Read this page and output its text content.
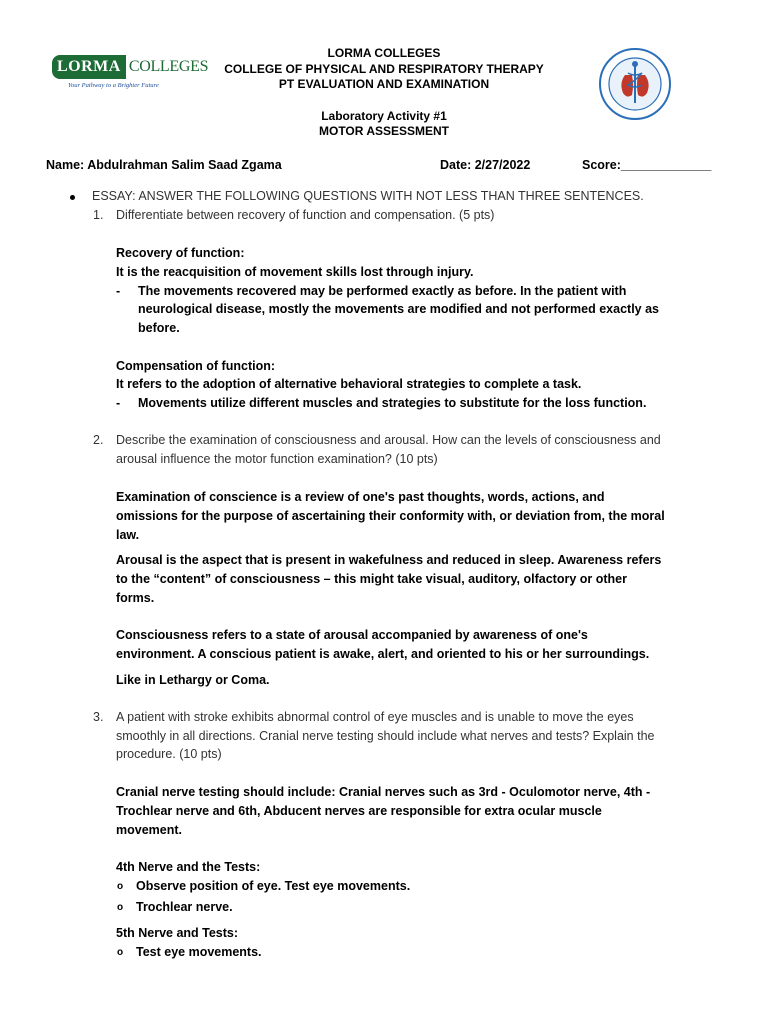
LORMA COLLEGES
Your Pathway to a Brighter Future
LORMA COLLEGES
COLLEGE OF PHYSICAL AND RESPIRATORY THERAPY
PT EVALUATION AND EXAMINATION
Laboratory Activity #1
MOTOR ASSESSMENT
Name: Abdulrahman Salim Saad Zgama	Date: 2/27/2022	Score:_____________
ESSAY: ANSWER THE FOLLOWING QUESTIONS WITH NOT LESS THAN THREE SENTENCES.
1. Differentiate between recovery of function and compensation. (5 pts)
Recovery of function:
It is the reacquisition of movement skills lost through injury.
- The movements recovered may be performed exactly as before. In the patient with
neurological disease, mostly the movements are modified and not performed exactly as
before.
Compensation of function:
It refers to the adoption of alternative behavioral strategies to complete a task.
- Movements utilize different muscles and strategies to substitute for the loss function.
2. Describe the examination of consciousness and arousal. How can the levels of consciousness and
arousal influence the motor function examination? (10 pts)
Examination of conscience is a review of one's past thoughts, words, actions, and
omissions for the purpose of ascertaining their conformity with, or deviation from, the moral
law.
Arousal is the aspect that is present in wakefulness and reduced in sleep. Awareness refers
to the “content” of consciousness – this might take visual, auditory, olfactory or other
forms.
Consciousness refers to a state of arousal accompanied by awareness of one's
environment. A conscious patient is awake, alert, and oriented to his or her surroundings.
Like in Lethargy or Coma.
3. A patient with stroke exhibits abnormal control of eye muscles and is unable to move the eyes
smoothly in all directions. Cranial nerve testing should include what nerves and tests? Explain the
procedure. (10 pts)
Cranial nerve testing should include: Cranial nerves such as 3rd - Oculomotor nerve, 4th -
Trochlear nerve and 6th, Abducent nerves are responsible for extra ocular muscle
movement.
4th Nerve and the Tests:
o Observe position of eye. Test eye movements.
o Trochlear nerve.
5th Nerve and Tests:
o Test eye movements.
